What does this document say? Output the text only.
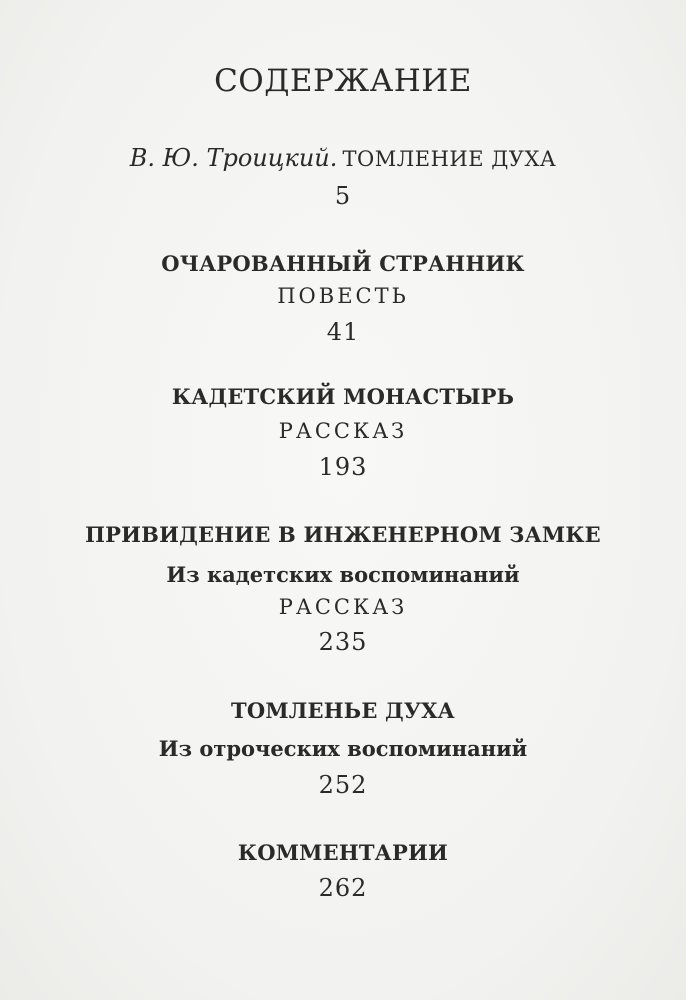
СОДЕРЖАНИЕ
В. Ю. Троицкий. ТОМЛЕНИЕ ДУХА
5
ОЧАРОВАННЫЙ СТРАННИК
ПОВЕСТЬ
41
КАДЕТСКИЙ МОНАСТЫРЬ
РАССКАЗ
193
ПРИВИДЕНИЕ В ИНЖЕНЕРНОМ ЗАМКЕ
Из кадетских воспоминаний
РАССКАЗ
235
ТОМЛЕНЬЕ ДУХА
Из отроческих воспоминаний
252
КОММЕНТАРИИ
262
